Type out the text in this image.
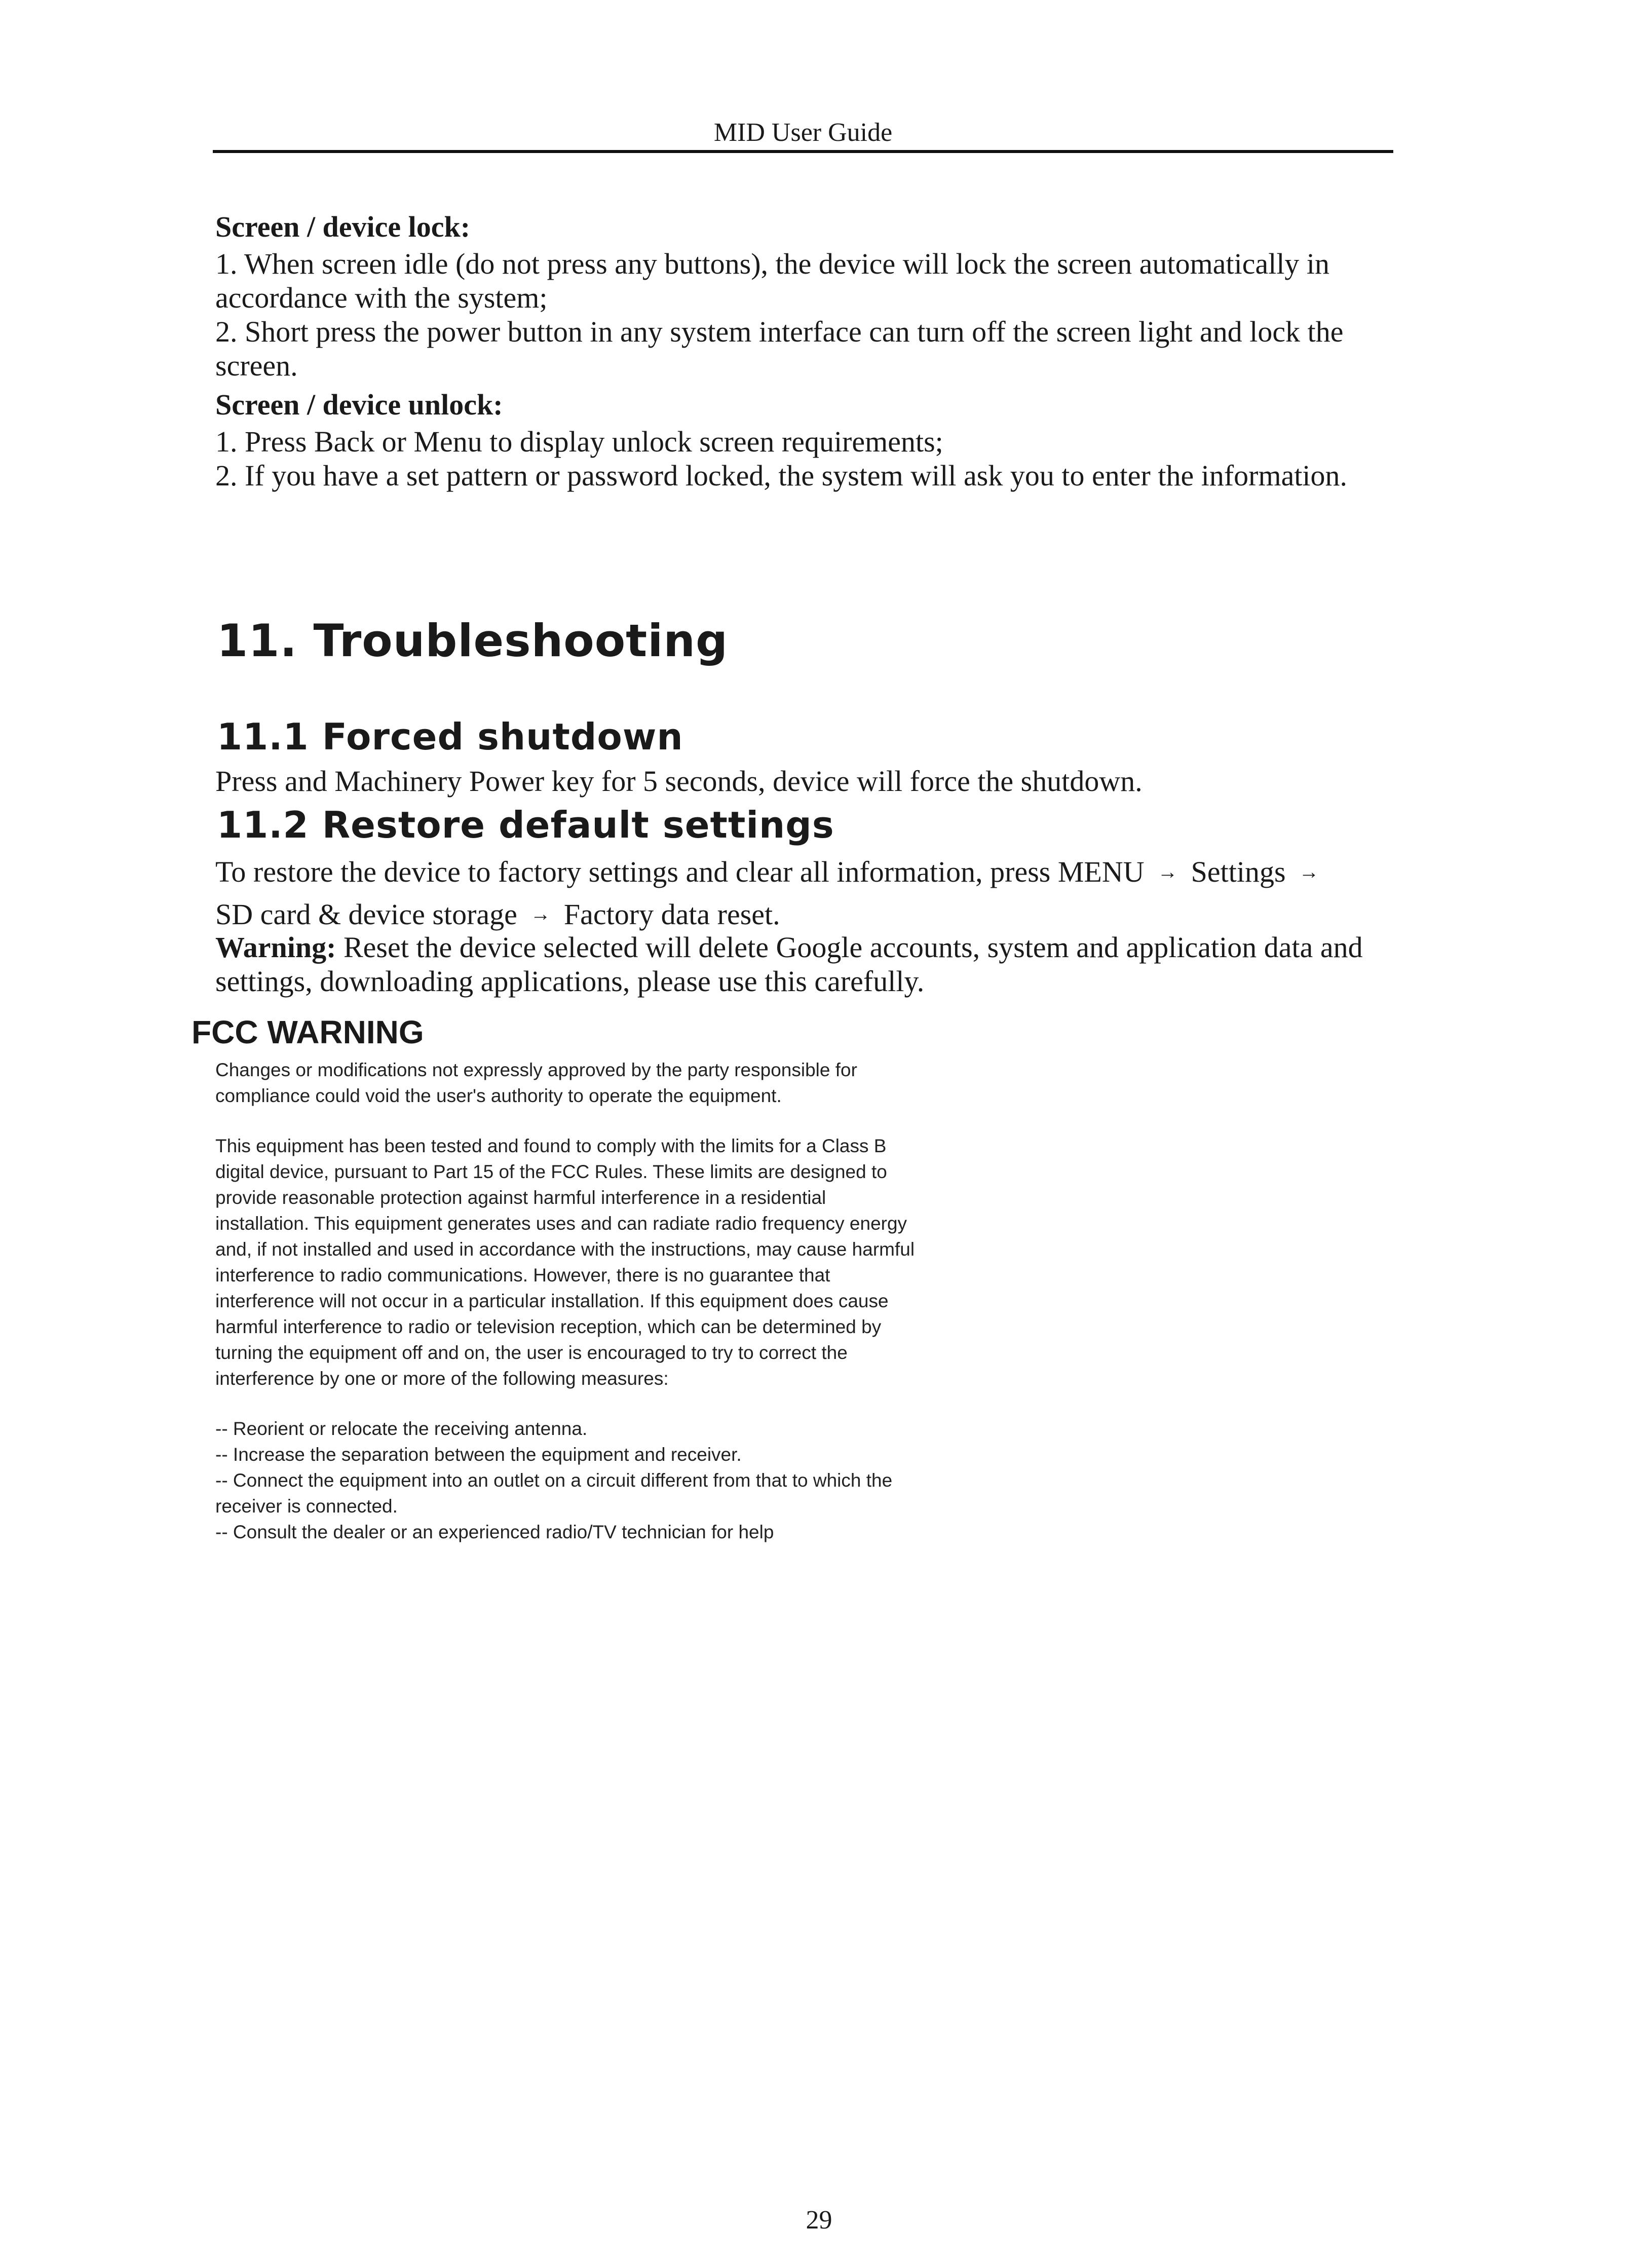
MID User Guide

Screen / device lock:

1. When screen idle (do not press any buttons), the device will lock the screen automatically in accordance with the system;

2. Short press the power button in any system interface can turn off the screen light and lock the screen.

Screen / device unlock:

1. Press Back or Menu to display unlock screen requirements;

2. If you have a set pattern or password locked, the system will ask you to enter the information.

11. Troubleshooting
11.1 Forced shutdown

Press and Machinery Power key for 5 seconds, device will force the shutdown.

11.2 Restore default settings

To restore the device to factory settings and clear all information, press MENU → Settings →
SD card & device storage → Factory data reset.

Warning: Reset the device selected will delete Google accounts, system and application data and settings, downloading applications, please use this carefully.

FCC WARNING

Changes or modifications not expressly approved by the party responsible for compliance could void the user's authority to operate the equipment.

This equipment has been tested and found to comply with the limits for a Class B digital device, pursuant to Part 15 of the FCC Rules. These limits are designed to provide reasonable protection against harmful interference in a residential installation. This equipment generates uses and can radiate radio frequency energy and, if not installed and used in accordance with the instructions, may cause harmful interference to radio communications. However, there is no guarantee that interference will not occur in a particular installation. If this equipment does cause harmful interference to radio or television reception, which can be determined by turning the equipment off and on, the user is encouraged to try to correct the interference by one or more of the following measures:

-- Reorient or relocate the receiving antenna.
-- Increase the separation between the equipment and receiver.
-- Connect the equipment into an outlet on a circuit different from that to which the receiver is connected.
-- Consult the dealer or an experienced radio/TV technician for help
29
